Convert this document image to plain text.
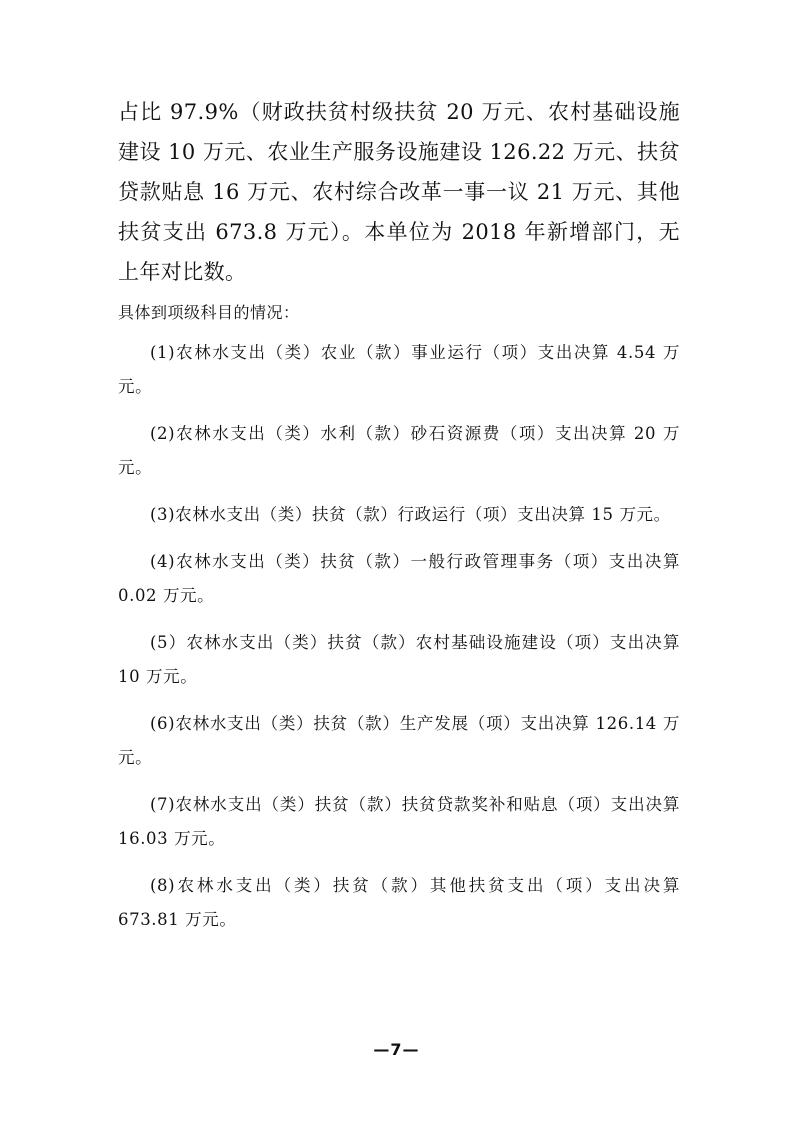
占比 97.9%（财政扶贫村级扶贫 20 万元、农村基础设施建设 10 万元、农业生产服务设施建设 126.22 万元、扶贫贷款贴息 16 万元、农村综合改革一事一议 21 万元、其他扶贫支出 673.8 万元）。本单位为 2018 年新增部门，无上年对比数。

具体到项级科目的情况：
(1)农林水支出（类）农业（款）事业运行（项）支出决算 4.54 万元。
(2)农林水支出（类）水利（款）砂石资源费（项）支出决算 20 万元。
(3)农林水支出（类）扶贫（款）行政运行（项）支出决算 15 万元。
(4)农林水支出（类）扶贫（款）一般行政管理事务（项）支出决算 0.02 万元。
(5）农林水支出（类）扶贫（款）农村基础设施建设（项）支出决算 10 万元。
(6)农林水支出（类）扶贫（款）生产发展（项）支出决算 126.14 万元。
(7)农林水支出（类）扶贫（款）扶贫贷款奖补和贴息（项）支出决算 16.03 万元。
(8)农林水支出（类）扶贫（款）其他扶贫支出（项）支出决算 673.81 万元。
—7—
